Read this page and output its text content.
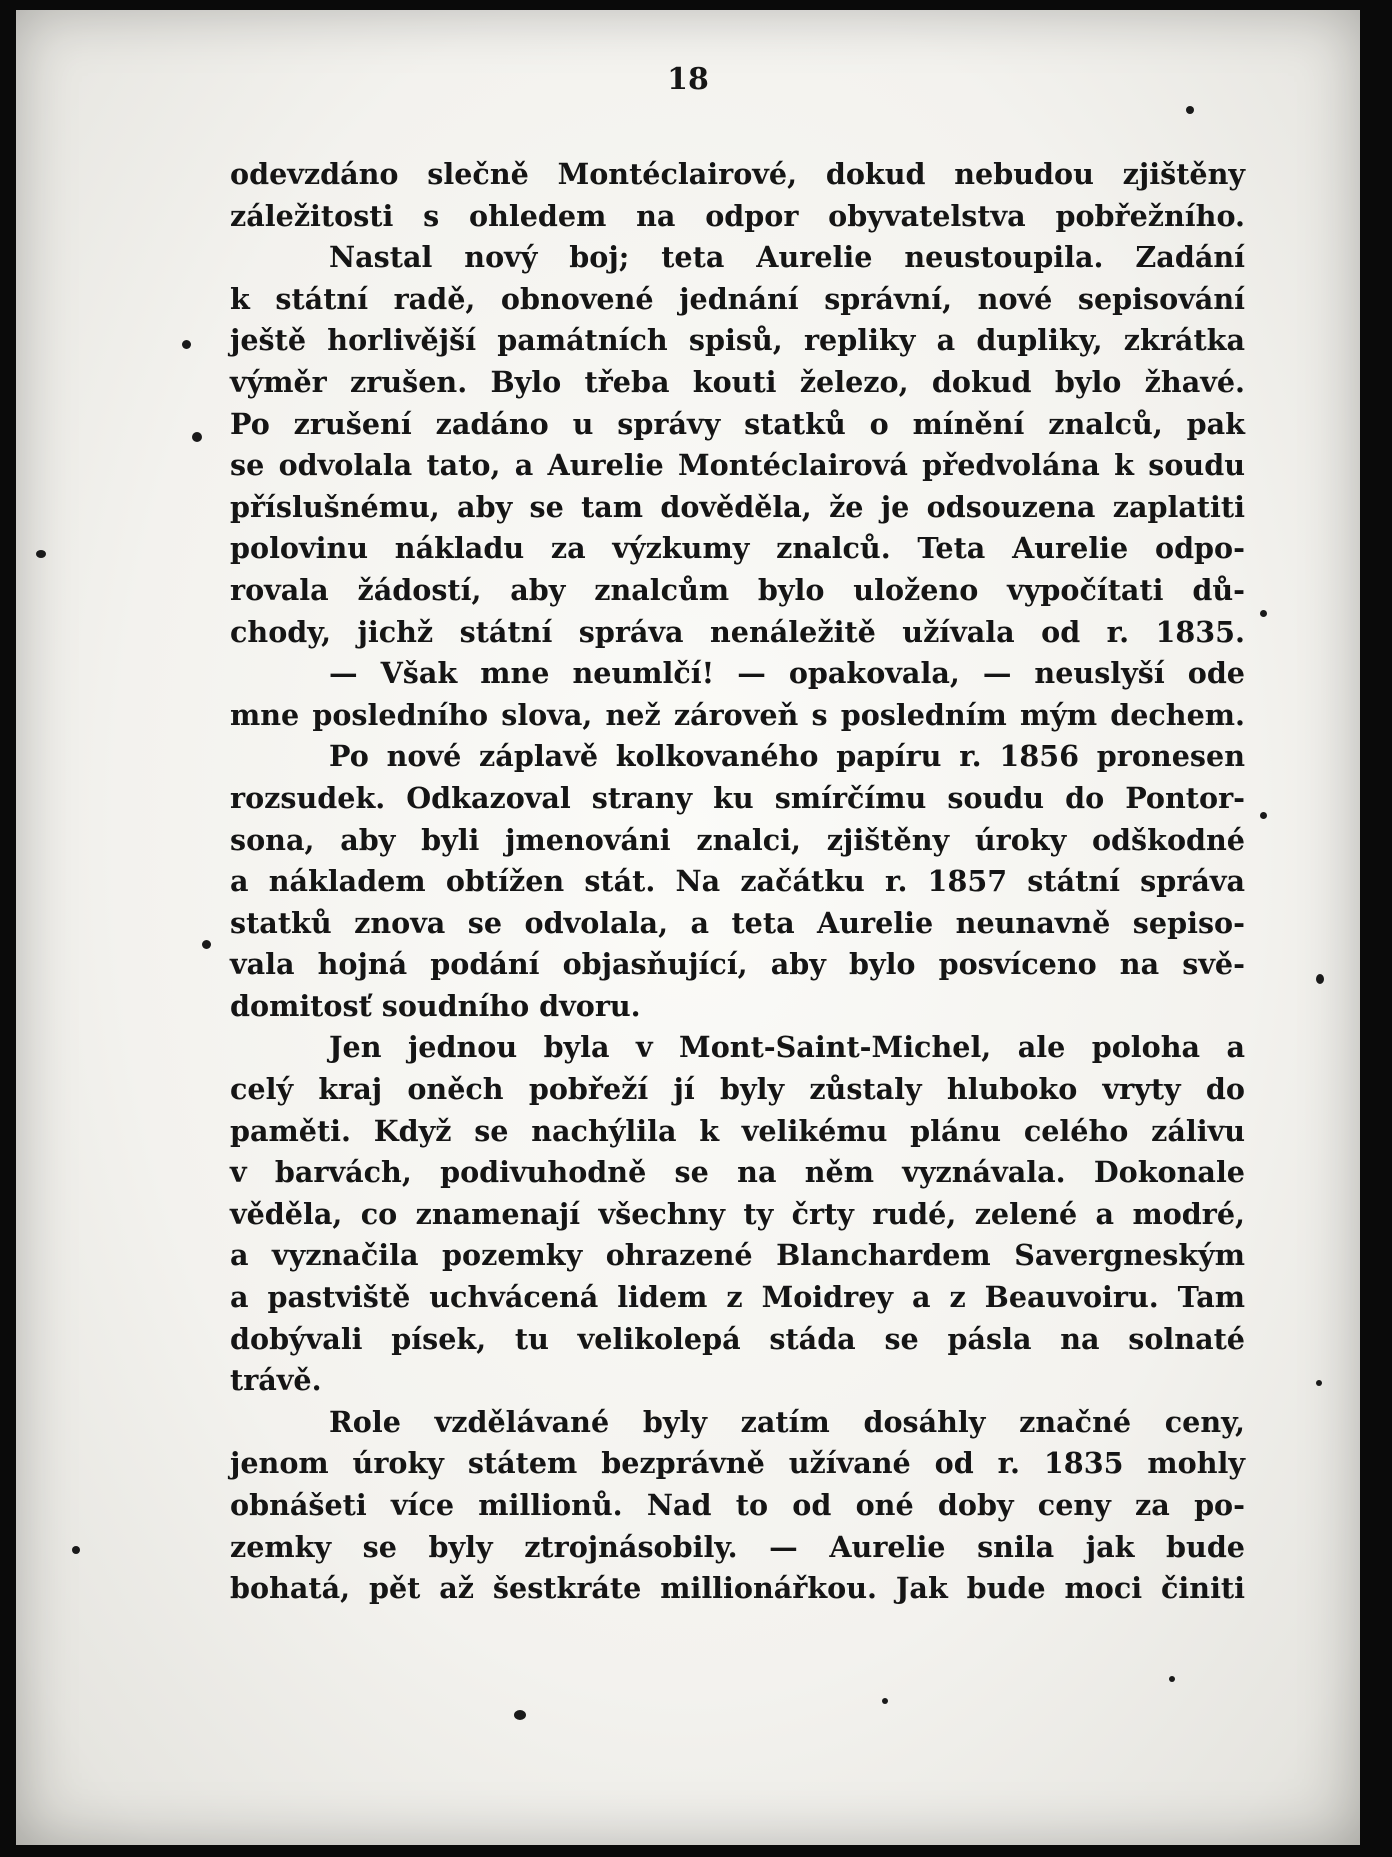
18
odevzdáno slečně Montéclairové, dokud nebudou zjištěny
záležitosti s ohledem na odpor obyvatelstva pobřežního.
Nastal nový boj; teta Aurelie neustoupila. Zadání
k státní radě, obnovené jednání správní, nové sepisování
ještě horlivější památních spisů, repliky a dupliky, zkrátka
výměr zrušen. Bylo třeba kouti železo, dokud bylo žhavé.
Po zrušení zadáno u správy statků o mínění znalců, pak
se odvolala tato, a Aurelie Montéclairová předvolána k soudu
příslušnému, aby se tam dověděla, že je odsouzena zaplatiti
polovinu nákladu za výzkumy znalců. Teta Aurelie odpo-
rovala žádostí, aby znalcům bylo uloženo vypočítati dů-
chody, jichž státní správa nenáležitě užívala od r. 1835.
— Však mne neumlčí! — opakovala, — neuslyší ode
mne posledního slova, než zároveň s posledním mým dechem.
Po nové záplavě kolkovaného papíru r. 1856 pronesen
rozsudek. Odkazoval strany ku smírčímu soudu do Pontor-
sona, aby byli jmenováni znalci, zjištěny úroky odškodné
a nákladem obtížen stát. Na začátku r. 1857 státní správa
statků znova se odvolala, a teta Aurelie neunavně sepiso-
vala hojná podání objasňující, aby bylo posvíceno na svě-
domitosť soudního dvoru.
Jen jednou byla v Mont-Saint-Michel, ale poloha a
celý kraj oněch pobřeží jí byly zůstaly hluboko vryty do
paměti. Když se nachýlila k velikému plánu celého zálivu
v barvách, podivuhodně se na něm vyznávala. Dokonale
věděla, co znamenají všechny ty črty rudé, zelené a modré,
a vyznačila pozemky ohrazené Blanchardem Savergneským
a pastviště uchvácená lidem z Moidrey a z Beauvoiru. Tam
dobývali písek, tu velikolepá stáda se pásla na solnaté
trávě.
Role vzdělávané byly zatím dosáhly značné ceny,
jenom úroky státem bezprávně užívané od r. 1835 mohly
obnášeti více millionů. Nad to od oné doby ceny za po-
zemky se byly ztrojnásobily. — Aurelie snila jak bude
bohatá, pět až šestkráte millionářkou. Jak bude moci činiti
